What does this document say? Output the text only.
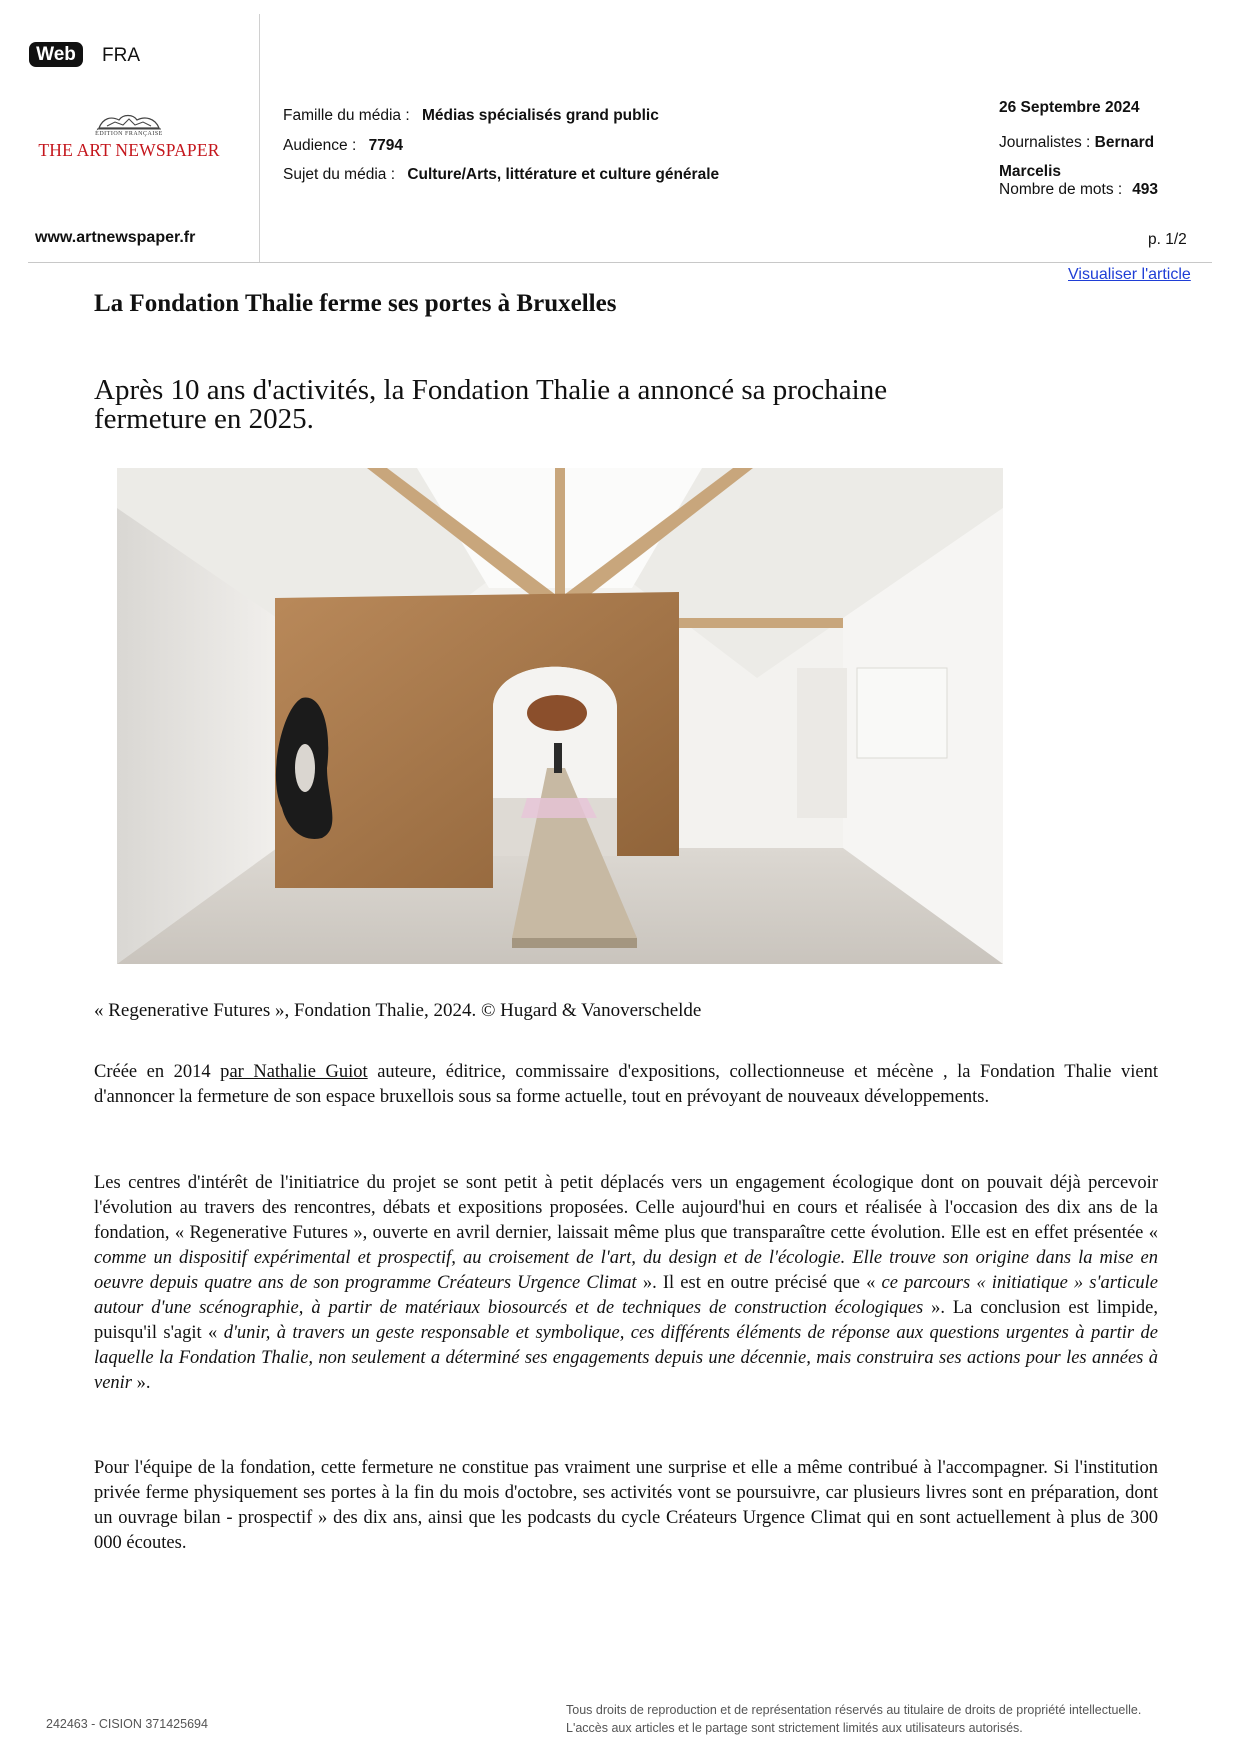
Web	FRA
ÉDITION FRANÇAISE
THE ART NEWSPAPER
www.artnewspaper.fr
Famille du média : Médias spécialisés grand public
Audience : 7794
Sujet du média : Culture/Arts, littérature et culture générale
26 Septembre 2024
Journalistes : Bernard
Marcelis
Nombre de mots : 493
p. 1/2
Visualiser l'article
La Fondation Thalie ferme ses portes à Bruxelles
Après 10 ans d'activités, la Fondation Thalie a annoncé sa prochaine
fermeture en 2025.
« Regenerative Futures », Fondation Thalie, 2024. © Hugard & Vanoverschelde
Créée en 2014 par Nathalie Guiot auteure, éditrice, commissaire d'expositions, collectionneuse et mécène , la Fondation Thalie vient d'annoncer la fermeture de son espace bruxellois sous sa forme actuelle, tout en prévoyant de nouveaux développements.
Les centres d'intérêt de l'initiatrice du projet se sont petit à petit déplacés vers un engagement écologique dont on pouvait déjà percevoir l'évolution au travers des rencontres, débats et expositions proposées. Celle aujourd'hui en cours et réalisée à l'occasion des dix ans de la fondation, « Regenerative Futures », ouverte en avril dernier, laissait même plus que transparaître cette évolution. Elle est en effet présentée « comme un dispositif expérimental et prospectif, au croisement de l'art, du design et de l'écologie. Elle trouve son origine dans la mise en oeuvre depuis quatre ans de son programme Créateurs Urgence Climat ». Il est en outre précisé que « ce parcours « initiatique » s'articule autour d'une scénographie, à partir de matériaux biosourcés et de techniques de construction écologiques ». La conclusion est limpide, puisqu'il s'agit « d'unir, à travers un geste responsable et symbolique, ces différents éléments de réponse aux questions urgentes à partir de laquelle la Fondation Thalie, non seulement a déterminé ses engagements depuis une décennie, mais construira ses actions pour les années à venir ».
Pour l'équipe de la fondation, cette fermeture ne constitue pas vraiment une surprise et elle a même contribué à l'accompagner. Si l'institution privée ferme physiquement ses portes à la fin du mois d'octobre, ses activités vont se poursuivre, car plusieurs livres sont en préparation, dont un ouvrage bilan - prospectif » des dix ans, ainsi que les podcasts du cycle Créateurs Urgence Climat qui en sont actuellement à plus de 300 000 écoutes.
242463 - CISION 371425694
Tous droits de reproduction et de représentation réservés au titulaire de droits de propriété intellectuelle.
L'accès aux articles et le partage sont strictement limités aux utilisateurs autorisés.
